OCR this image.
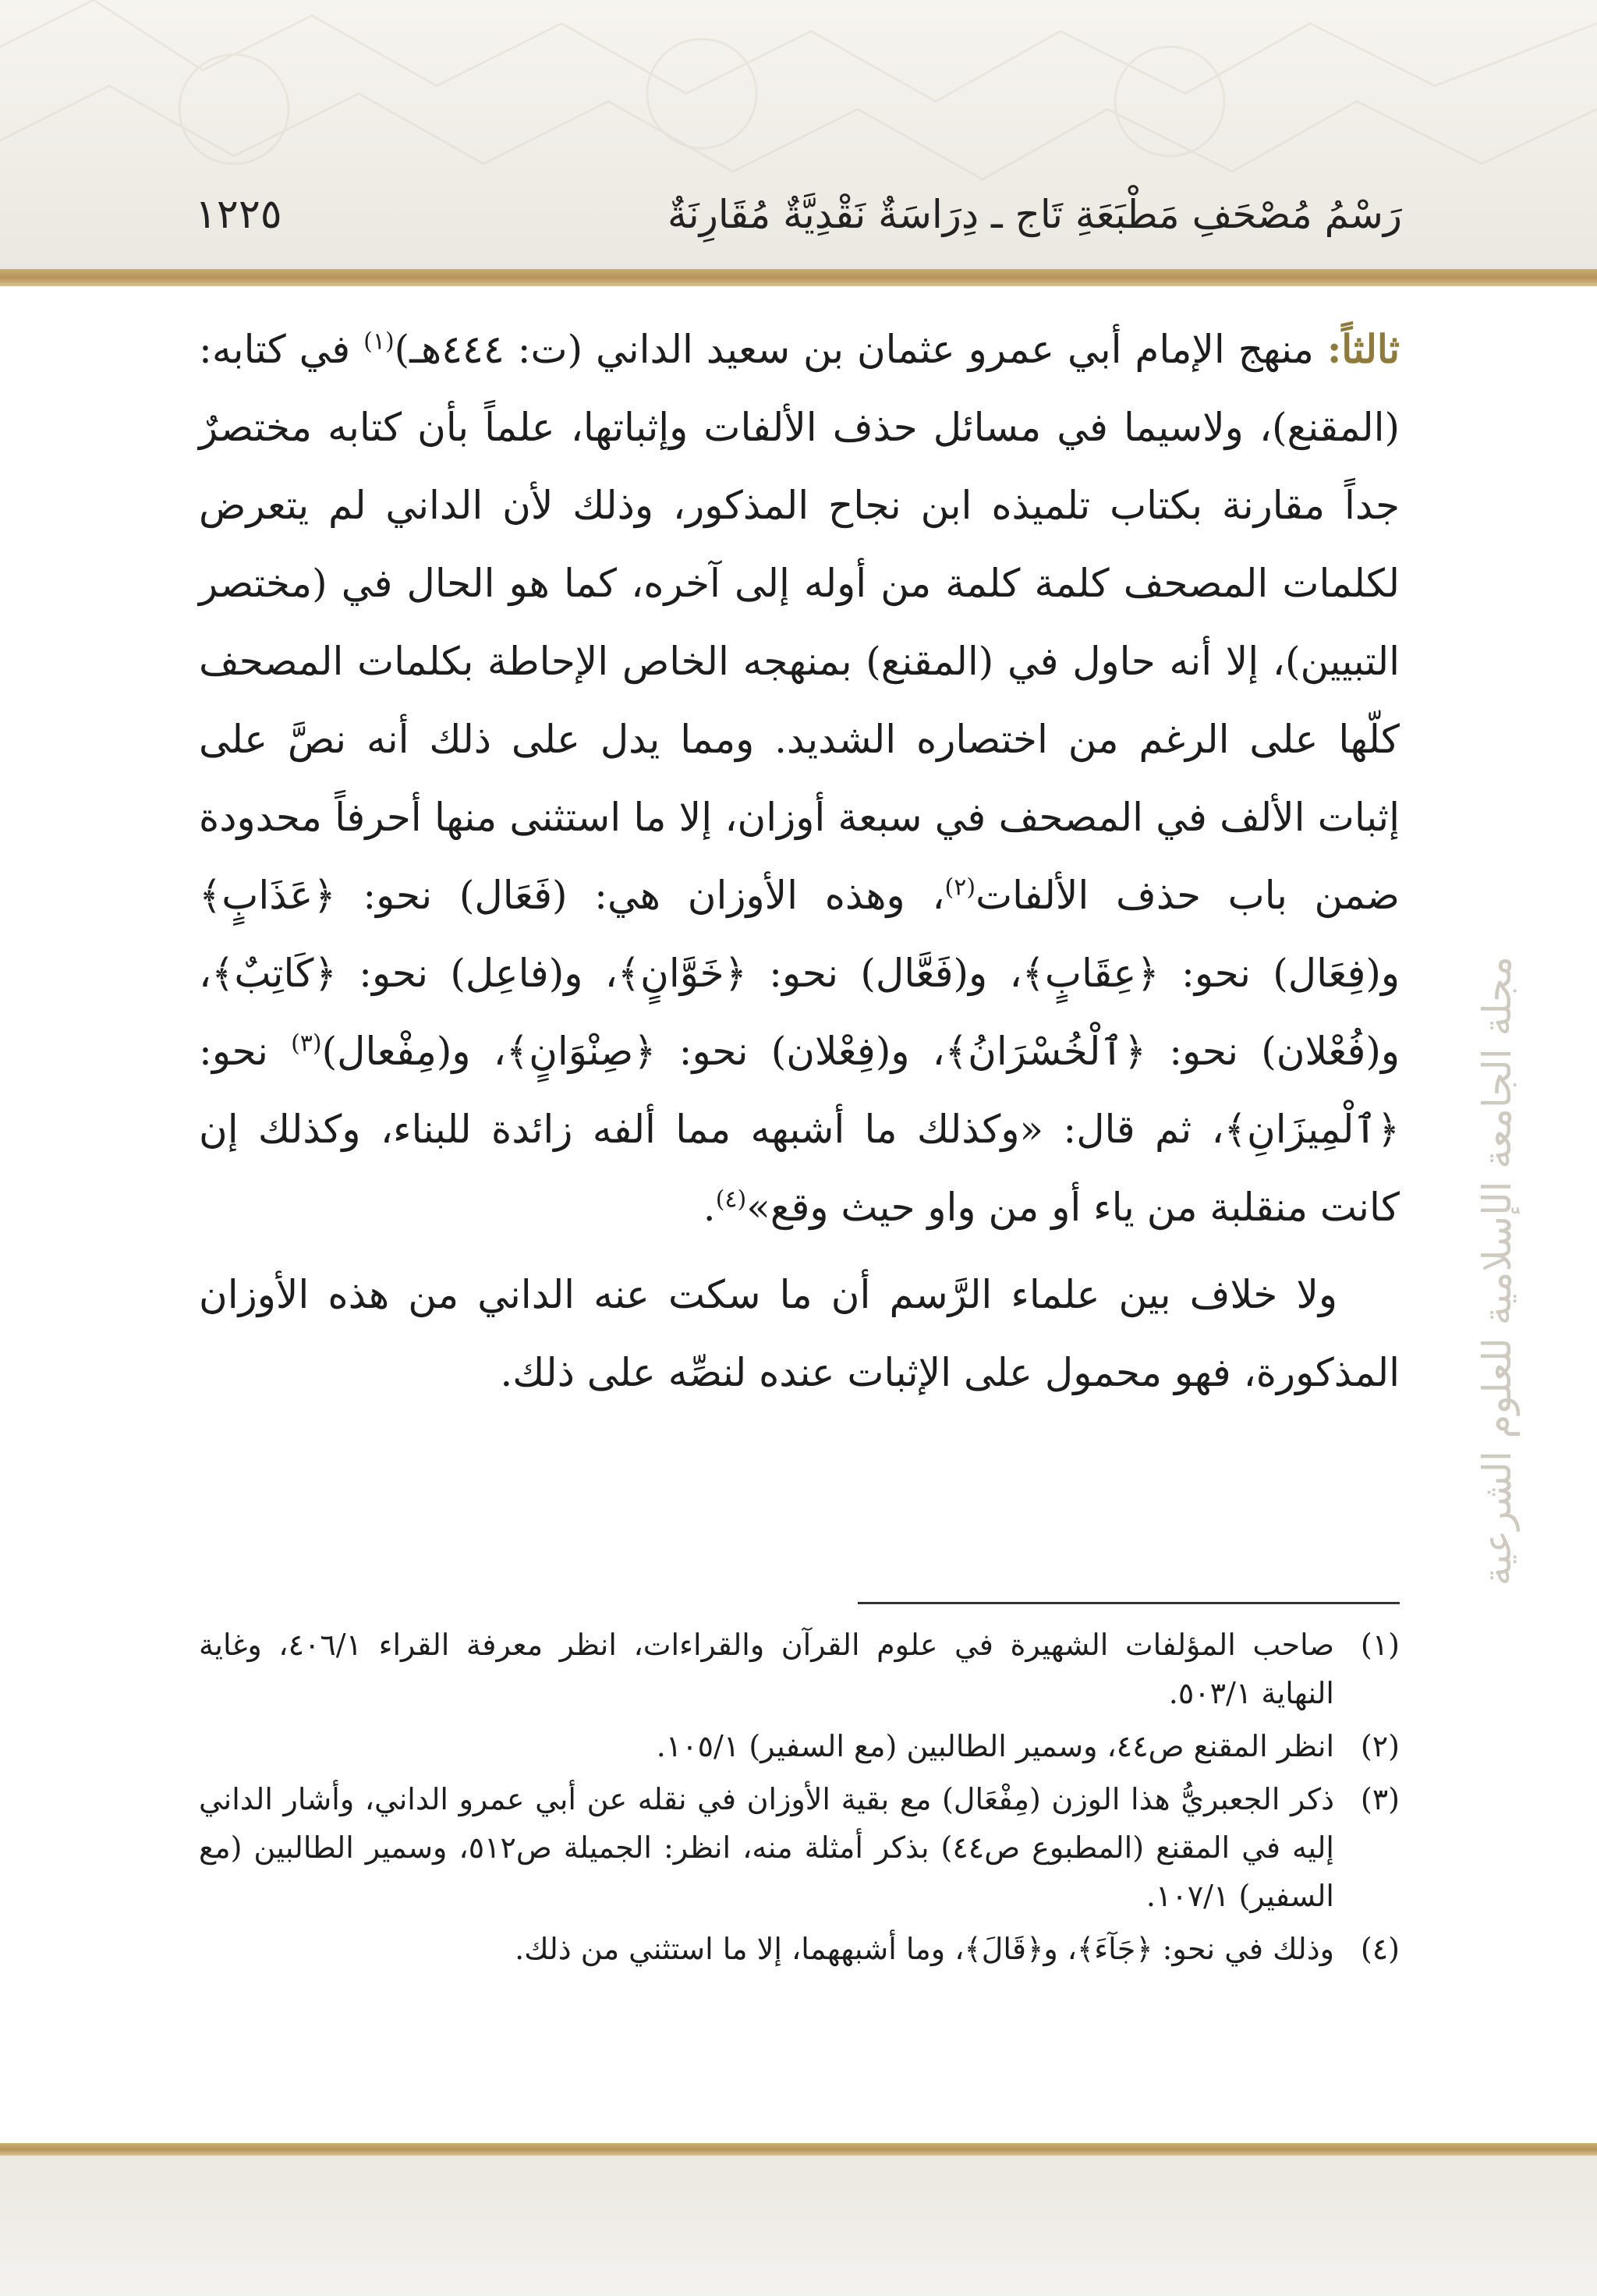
رَسْمُ مُصْحَفِ مَطْبَعَةِ تَاج ـ دِرَاسَةٌ نَقْدِيَّةٌ مُقَارِنَةٌ
١٢٢٥
مجلة الجامعة الإسلامية للعلوم الشرعية

ثالثاً: منهج الإمام أبي عمرو عثمان بن سعيد الداني (ت: ٤٤٤هـ)$^{(١)}$ في كتابه: (المقنع)، ولاسيما في مسائل حذف الألفات وإثباتها، علماً بأن كتابه مختصرٌ جداً مقارنة بكتاب تلميذه ابن نجاح المذكور، وذلك لأن الداني لم يتعرض لكلمات المصحف كلمة كلمة من أوله إلى آخره، كما هو الحال في (مختصر التبيين)، إلا أنه حاول في (المقنع) بمنهجه الخاص الإحاطة بكلمات المصحف كلّها على الرغم من اختصاره الشديد. ومما يدل على ذلك أنه نصَّ على إثبات الألف في المصحف في سبعة أوزان، إلا ما استثنى منها أحرفاً محدودة ضمن باب حذف الألفات$^{(٢)}$، وهذه الأوزان هي: (فَعَال) نحو: ﴿عَذَابٍ﴾ و(فِعَال) نحو: ﴿عِقَابٍ﴾، و(فَعَّال) نحو: ﴿خَوَّانٍ﴾، و(فاعِل) نحو: ﴿كَاتِبٌ﴾، و(فُعْلان) نحو: ﴿ٱلْخُسْرَانُ﴾، و(فِعْلان) نحو: ﴿صِنْوَانٍ﴾، و(مِفْعال)$^{(٣)}$ نحو: ﴿ٱلْمِيزَانِ﴾، ثم قال: «وكذلك ما أشبهه مما ألفه زائدة للبناء، وكذلك إن كانت منقلبة من ياء أو من واو حيث وقع»$^{(٤)}$.

ولا خلاف بين علماء الرَّسم أن ما سكت عنه الداني من هذه الأوزان المذكورة، فهو محمول على الإثبات عنده لنصِّه على ذلك.

(١)
صاحب المؤلفات الشهيرة في علوم القرآن والقراءات، انظر معرفة القراء ٤٠٦/١، وغاية النهاية ٥٠٣/١.
(٢)
انظر المقنع ص٤٤، وسمير الطالبين (مع السفير) ١٠٥/١.
(٣)
ذكر الجعبريُّ هذا الوزن (مِفْعَال) مع بقية الأوزان في نقله عن أبي عمرو الداني، وأشار الداني إليه في المقنع (المطبوع ص٤٤) بذكر أمثلة منه، انظر: الجميلة ص٥١٢، وسمير الطالبين (مع السفير) ١٠٧/١.
(٤)
وذلك في نحو: ﴿جَآءَ﴾، و﴿قَالَ﴾، وما أشبههما، إلا ما استثني من ذلك.
